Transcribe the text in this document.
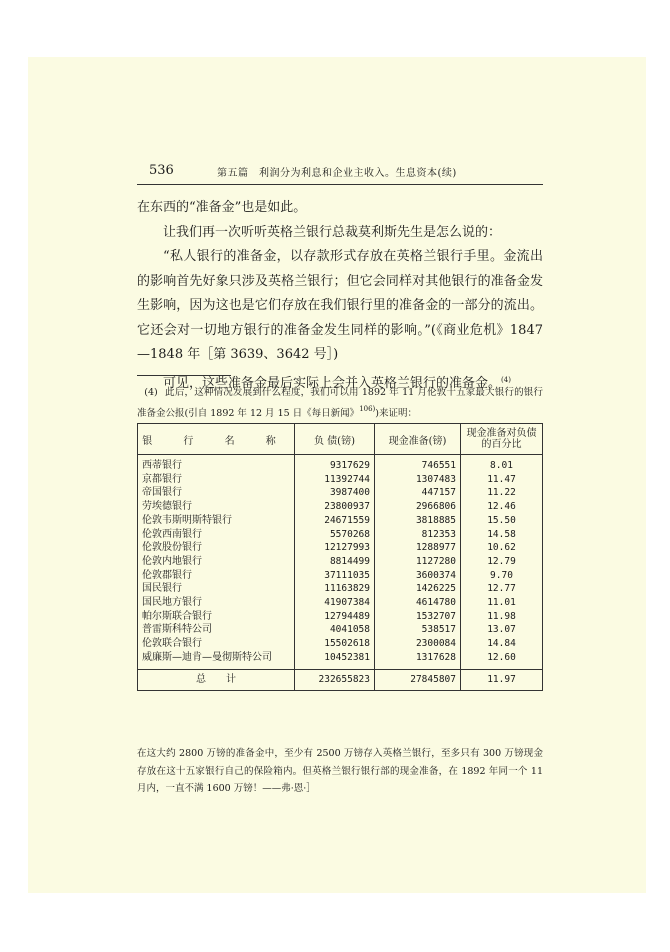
536	第五篇　利润分为利息和企业主收入。生息资本(续)

在东西的“准备金”也是如此。

让我们再一次听听英格兰银行总裁莫利斯先生是怎么说的：

“私人银行的准备金，以存款形式存放在英格兰银行手里。金流出的影响首先好象只涉及英格兰银行；但它会同样对其他银行的准备金发生影响，因为这也是它们存放在我们银行里的准备金的一部分的流出。它还会对一切地方银行的准备金发生同样的影响。”(《商业危机》1847—1848 年［第 3639、3642 号］)

可见，这些准备金最后实际上会并入英格兰银行的准备金。$^{(4)}$

(4) 此后，这种情况发展到什么程度，我们可以用 1892 年 11 月伦敦十五家最大银行的银行准备金公报(引自 1892 年 12 月 15 日《每日新闻》$^{106)}$)来证明：
银 行 名 称	负 债(镑)	现金准备(镑)	现金准备对负债的百分比
西蒂银行	9317629	746551	8.01
京都银行	11392744	1307483	11.47
帝国银行	3987400	447157	11.22
劳埃德银行	23800937	2966806	12.46
伦敦韦斯明斯特银行	24671559	3818885	15.50
伦敦西南银行	5570268	812353	14.58
伦敦股份银行	12127993	1288977	10.62
伦敦内地银行	8814499	1127280	12.79
伦敦郡银行	37111035	3600374	9.70
国民银行	11163829	1426225	12.77
国民地方银行	41907384	4614780	11.01
帕尔斯联合银行	12794489	1532707	11.98
普雷斯科特公司	4041058	538517	13.07
伦敦联合银行	15502618	2300084	14.84
威廉斯—迪肯—曼彻斯特公司	10452381	1317628	12.60
总　　计	232655823	27845807	11.97
在这大约 2800 万镑的准备金中，至少有 2500 万镑存入英格兰银行，至多只有 300 万镑现金存放在这十五家银行自己的保险箱内。但英格兰银行银行部的现金准备，在 1892 年同一个 11 月内，一直不满 1600 万镑！——弗·恩·］
